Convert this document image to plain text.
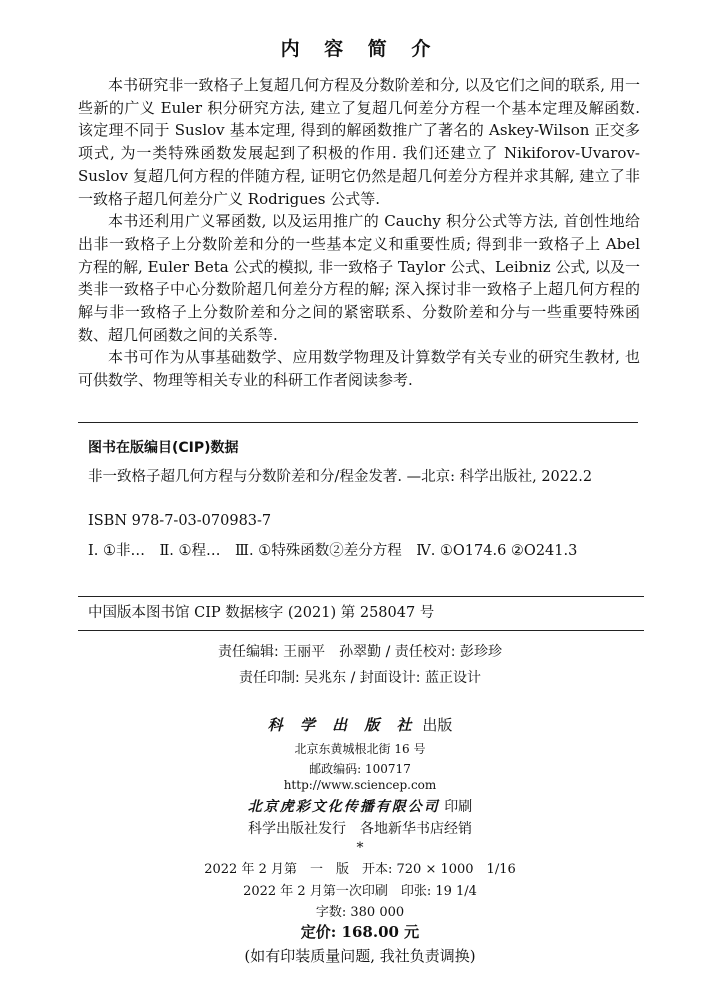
内 容 简 介

本书研究非一致格子上复超几何方程及分数阶差和分, 以及它们之间的联系, 用一些新的广义 Euler 积分研究方法, 建立了复超几何差分方程一个基本定理及解函数. 该定理不同于 Suslov 基本定理, 得到的解函数推广了著名的 Askey-Wilson 正交多项式, 为一类特殊函数发展起到了积极的作用. 我们还建立了 Nikiforov-Uvarov-Suslov 复超几何方程的伴随方程, 证明它仍然是超几何差分方程并求其解, 建立了非一致格子超几何差分广义 Rodrigues 公式等.

本书还利用广义幂函数, 以及运用推广的 Cauchy 积分公式等方法, 首创性地给出非一致格子上分数阶差和分的一些基本定义和重要性质; 得到非一致格子上 Abel 方程的解, Euler Beta 公式的模拟, 非一致格子 Taylor 公式、Leibniz 公式, 以及一类非一致格子中心分数阶超几何差分方程的解; 深入探讨非一致格子上超几何方程的解与非一致格子上分数阶差和分之间的紧密联系、分数阶差和分与一些重要特殊函数、超几何函数之间的关系等.

本书可作为从事基础数学、应用数学物理及计算数学有关专业的研究生教材, 也可供数学、物理等相关专业的科研工作者阅读参考.

图书在版编目(CIP)数据
非一致格子超几何方程与分数阶差和分/程金发著. —北京: 科学出版社, 2022.2
ISBN 978-7-03-070983-7
Ⅰ. ①非…　Ⅱ. ①程…　Ⅲ. ①特殊函数②差分方程　Ⅳ. ①O174.6 ②O241.3
中国版本图书馆 CIP 数据核字 (2021) 第 258047 号
责任编辑: 王丽平　孙翠勤 / 责任校对: 彭珍珍
责任印制: 吴兆东 / 封面设计: 蓝正设计
科 学 出 版 社 出版
北京东黄城根北街 16 号
邮政编码: 100717
http://www.sciencep.com
北京虎彩文化传播有限公司 印刷
科学出版社发行　各地新华书店经销
*
2022 年 2 月第　一　版　开本: 720 × 1000　1/16
2022 年 2 月第一次印刷　印张: 19 1/4
字数: 380 000
定价: 168.00 元
(如有印装质量问题, 我社负责调换)
